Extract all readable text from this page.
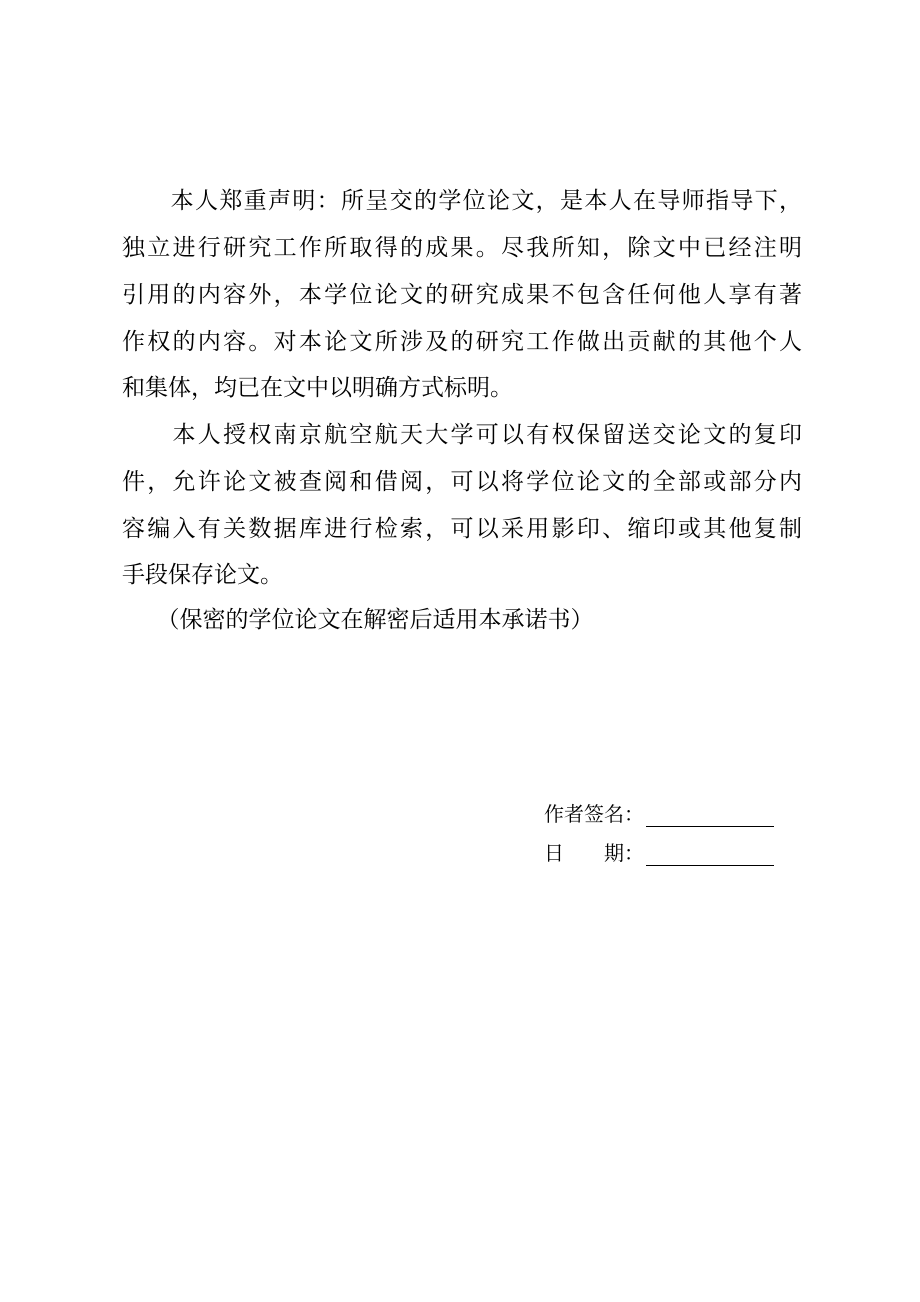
　　本人郑重声明：所呈交的学位论文，是本人在导师指导下，
独立进行研究工作所取得的成果。尽我所知，除文中已经注明
引用的内容外，本学位论文的研究成果不包含任何他人享有著
作权的内容。对本论文所涉及的研究工作做出贡献的其他个人
和集体，均已在文中以明确方式标明。
　　本人授权南京航空航天大学可以有权保留送交论文的复印
件，允许论文被查阅和借阅，可以将学位论文的全部或部分内
容编入有关数据库进行检索，可以采用影印、缩印或其他复制
手段保存论文。
　　（保密的学位论文在解密后适用本承诺书）
作者签名：
日　　期：
